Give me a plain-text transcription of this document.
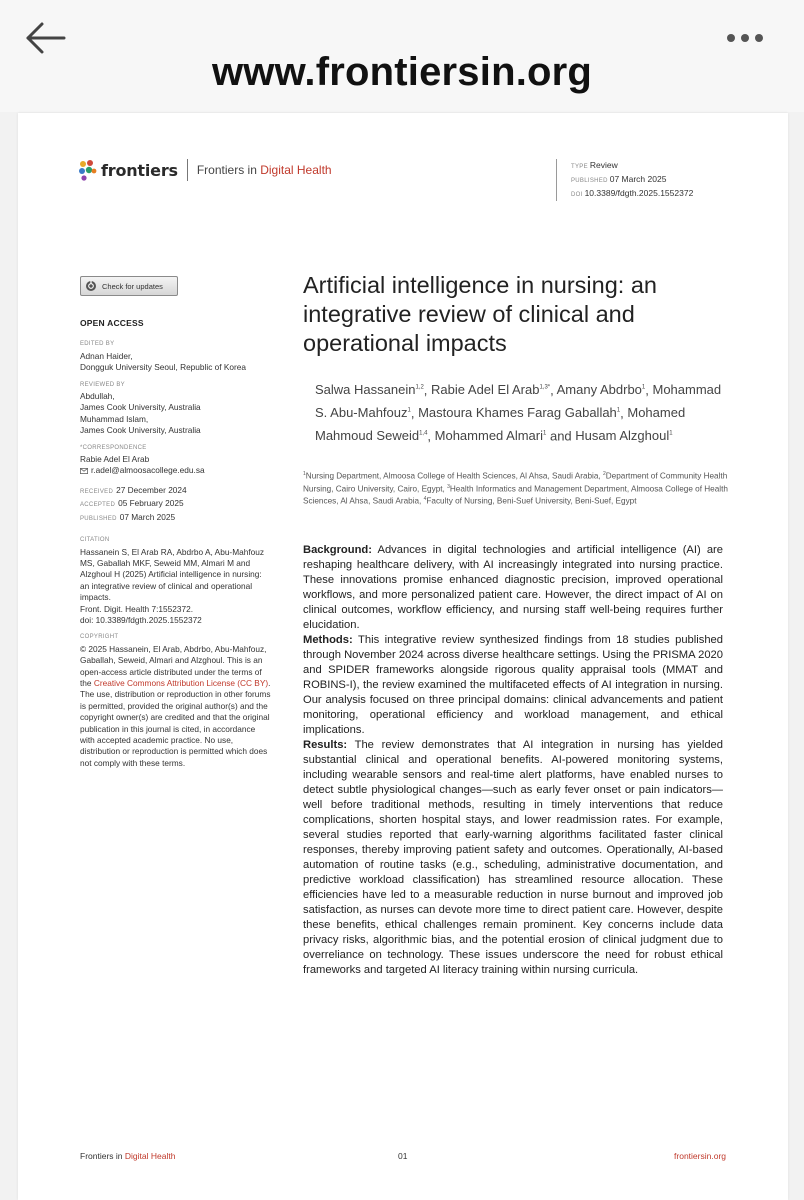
www.frontiersin.org
frontiers Frontiers in Digital Health	TYPE Review
PUBLISHED 07 March 2025
DOI 10.3389/fdgth.2025.1552372
Check for updates
OPEN ACCESS
EDITED BY

Adnan Haider,

Dongguk University Seoul, Republic of Korea

REVIEWED BY

Abdullah,

James Cook University, Australia

Muhammad Islam,

James Cook University, Australia

*CORRESPONDENCE

Rabie Adel El Arab

r.adel@almoosacollege.edu.sa

RECEIVED 27 December 2024

ACCEPTED 05 February 2025

PUBLISHED 07 March 2025

CITATION

Hassanein S, El Arab RA, Abdrbo A, Abu-Mahfouz MS, Gaballah MKF, Seweid MM, Almari M and Alzghoul H (2025) Artificial intelligence in nursing: an integrative review of clinical and operational impacts.

Front. Digit. Health 7:1552372.

doi: 10.3389/fdgth.2025.1552372

COPYRIGHT

© 2025 Hassanein, El Arab, Abdrbo, Abu-Mahfouz, Gaballah, Seweid, Almari and Alzghoul. This is an open-access article distributed under the terms of the Creative Commons Attribution License (CC BY). The use, distribution or reproduction in other forums is permitted, provided the original author(s) and the copyright owner(s) are credited and that the original publication in this journal is cited, in accordance with accepted academic practice. No use, distribution or reproduction is permitted which does not comply with these terms.

Artificial intelligence in nursing: an integrative review of clinical and operational impacts
Salwa Hassanein$^{1,2}$, Rabie Adel El Arab$^{1,3*}$, Amany Abdrbo$^1$, Mohammad S. Abu-Mahfouz$^1$, Mastoura Khames Farag Gaballah$^1$, Mohamed Mahmoud Seweid$^{1,4}$, Mohammed Almari$^1$ and Husam Alzghoul$^1$
$^1$Nursing Department, Almoosa College of Health Sciences, Al Ahsa, Saudi Arabia, $^2$Department of Community Health Nursing, Cairo University, Cairo, Egypt, $^3$Health Informatics and Management Department, Almoosa College of Health Sciences, Al Ahsa, Saudi Arabia, $^4$Faculty of Nursing, Beni-Suef University, Beni-Suef, Egypt

Background: Advances in digital technologies and artificial intelligence (AI) are reshaping healthcare delivery, with AI increasingly integrated into nursing practice. These innovations promise enhanced diagnostic precision, improved operational workflows, and more personalized patient care. However, the direct impact of AI on clinical outcomes, workflow efficiency, and nursing staff well-being requires further elucidation.

Methods: This integrative review synthesized findings from 18 studies published through November 2024 across diverse healthcare settings. Using the PRISMA 2020 and SPIDER frameworks alongside rigorous quality appraisal tools (MMAT and ROBINS-I), the review examined the multifaceted effects of AI integration in nursing. Our analysis focused on three principal domains: clinical advancements and patient monitoring, operational efficiency and workload management, and ethical implications.

Results: The review demonstrates that AI integration in nursing has yielded substantial clinical and operational benefits. AI-powered monitoring systems, including wearable sensors and real-time alert platforms, have enabled nurses to detect subtle physiological changes—such as early fever onset or pain indicators—well before traditional methods, resulting in timely interventions that reduce complications, shorten hospital stays, and lower readmission rates. For example, several studies reported that early-warning algorithms facilitated faster clinical responses, thereby improving patient safety and outcomes. Operationally, AI-based automation of routine tasks (e.g., scheduling, administrative documentation, and predictive workload classification) has streamlined resource allocation. These efficiencies have led to a measurable reduction in nurse burnout and improved job satisfaction, as nurses can devote more time to direct patient care. However, despite these benefits, ethical challenges remain prominent. Key concerns include data privacy risks, algorithmic bias, and the potential erosion of clinical judgment due to overreliance on technology. These issues underscore the need for robust ethical frameworks and targeted AI literacy training within nursing curricula.

Frontiers in Digital Health	01	frontiersin.org
